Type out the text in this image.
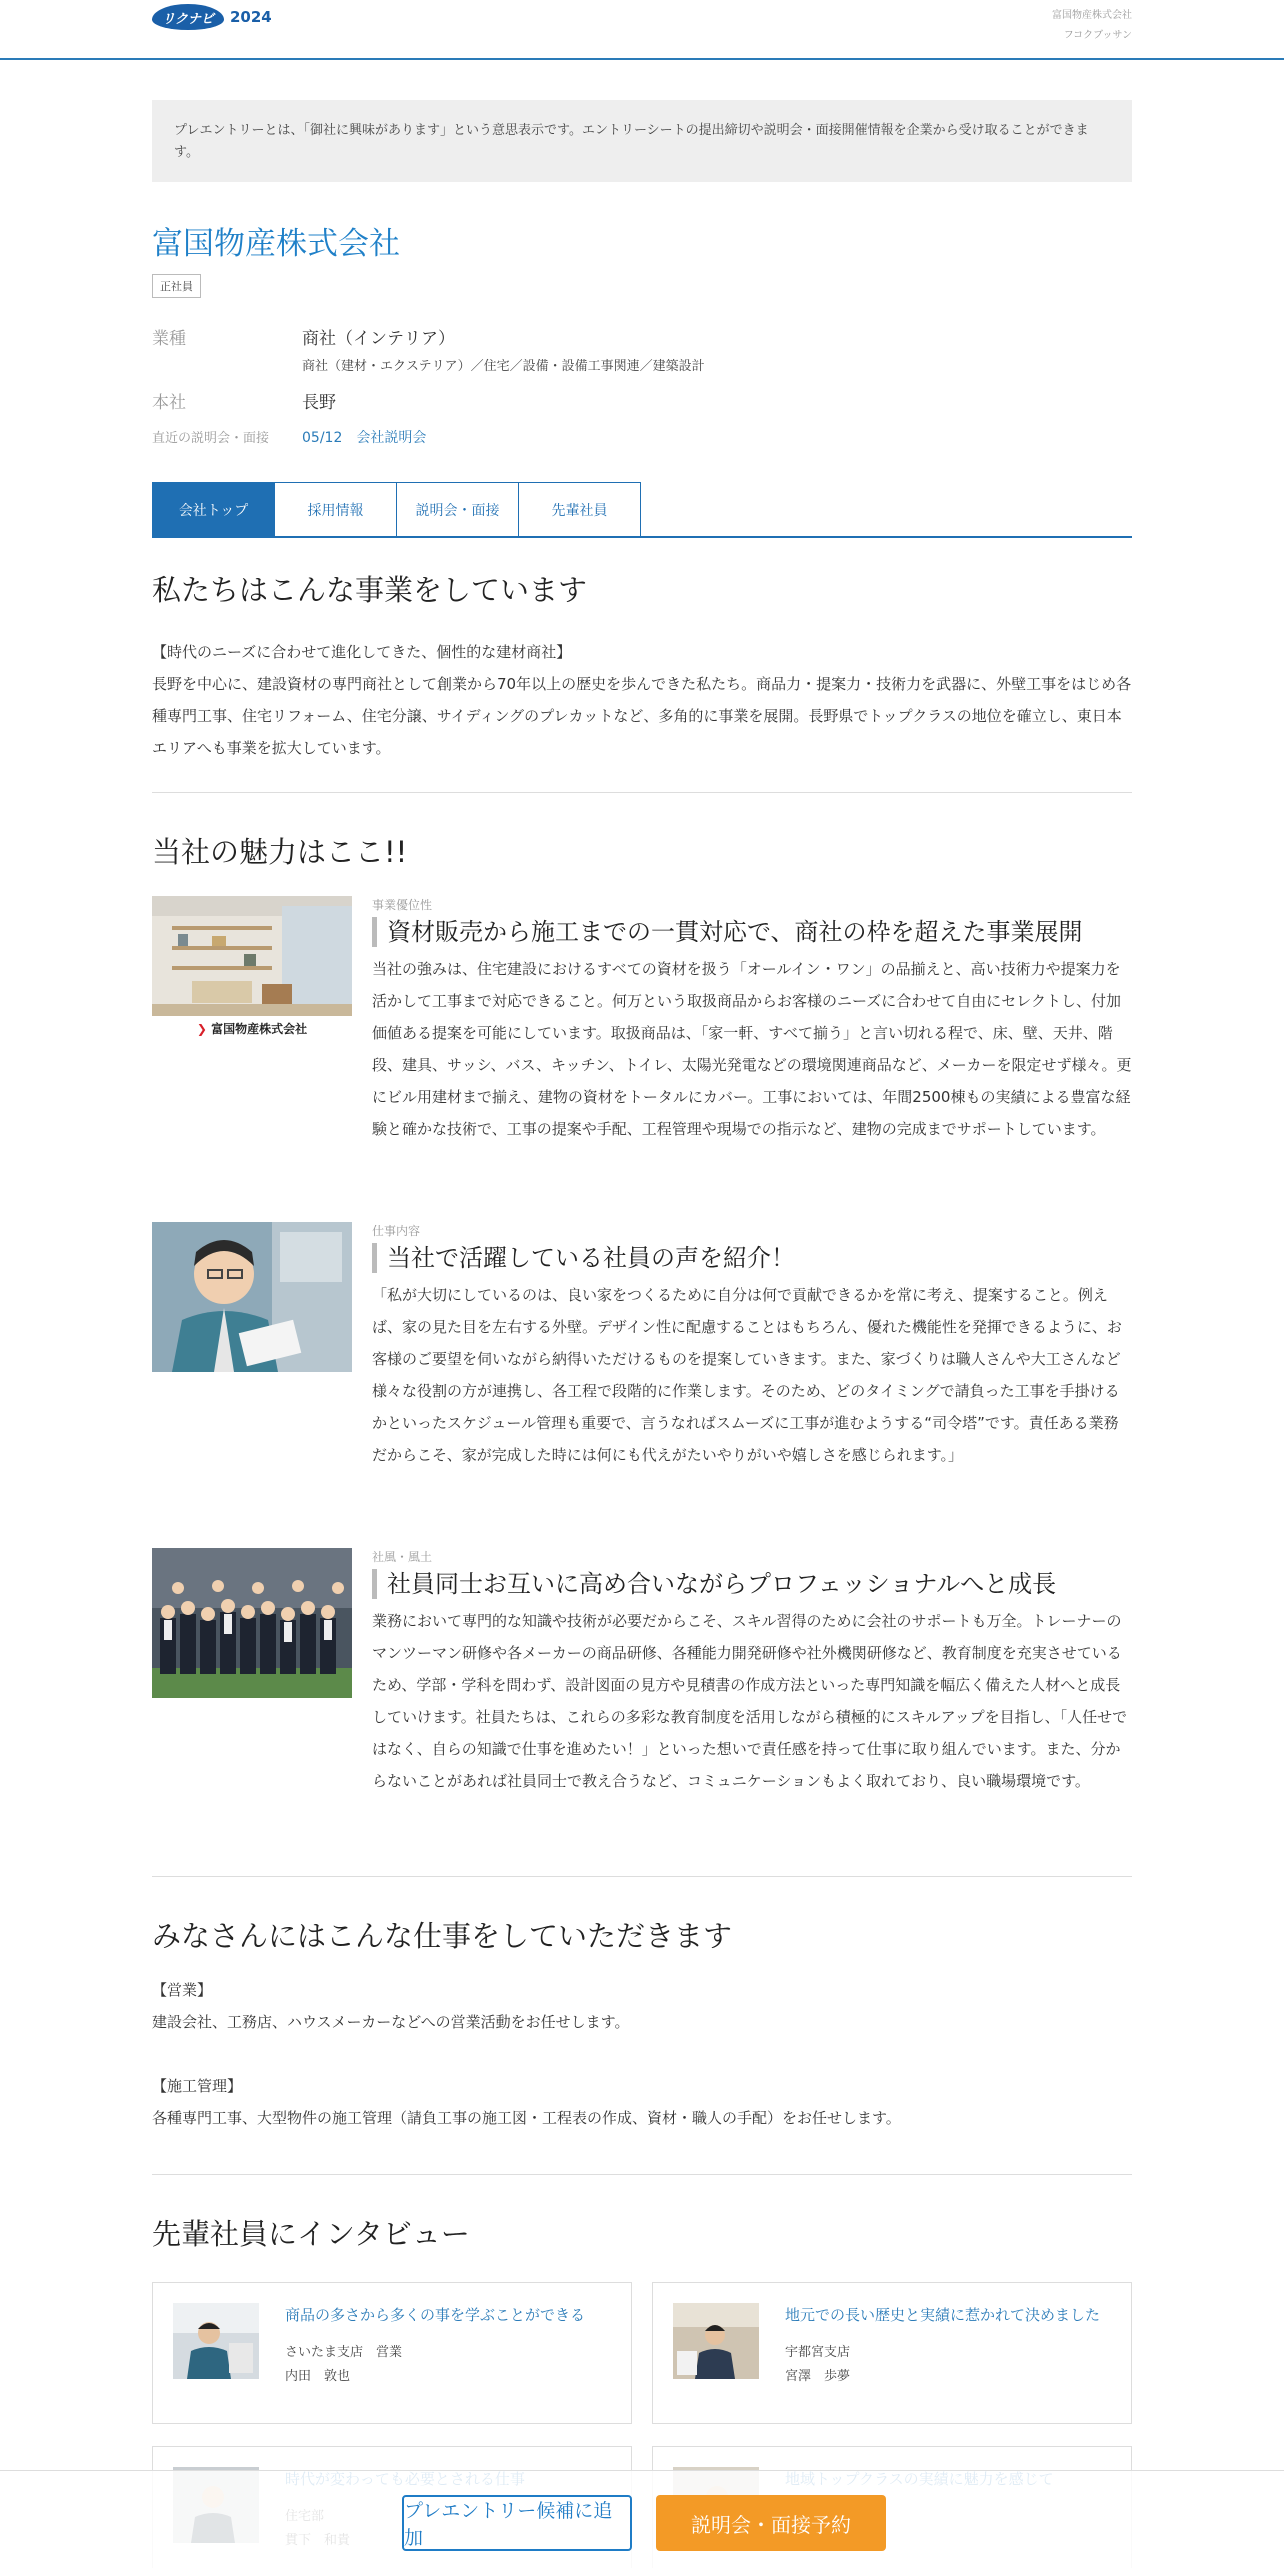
リクナビ	2024	富国物産株式会社
フコクブッサン
プレエントリーとは、「御社に興味があります」という意思表示です。エントリーシートの提出締切や説明会・面接開催情報を企業から受け取ることができます。
富国物産株式会社
正社員
業種	商社（インテリア）
商社（建材・エクステリア）／住宅／設備・設備工事関連／建築設計
本社	長野
直近の説明会・面接	05/12　会社説明会
会社トップ	採用情報	説明会・面接	先輩社員
私たちはこんな事業をしています
【時代のニーズに合わせて進化してきた、個性的な建材商社】
長野を中心に、建設資材の専門商社として創業から70年以上の歴史を歩んできた私たち。商品力・提案力・技術力を武器に、外壁工事をはじめ各種専門工事、住宅リフォーム、住宅分譲、サイディングのプレカットなど、多角的に事業を展開。長野県でトップクラスの地位を確立し、東日本エリアへも事業を拡大しています。
当社の魅力はここ!!
❯ 富国物産株式会社
事業優位性
資材販売から施工までの一貫対応で、商社の枠を超えた事業展開
当社の強みは、住宅建設におけるすべての資材を扱う「オールイン・ワン」の品揃えと、高い技術力や提案力を活かして工事まで対応できること。何万という取扱商品からお客様のニーズに合わせて自由にセレクトし、付加価値ある提案を可能にしています。取扱商品は、「家一軒、すべて揃う」と言い切れる程で、床、壁、天井、階段、建具、サッシ、バス、キッチン、トイレ、太陽光発電などの環境関連商品など、メーカーを限定せず様々。更にビル用建材まで揃え、建物の資材をトータルにカバー。工事においては、年間2500棟もの実績による豊富な経験と確かな技術で、工事の提案や手配、工程管理や現場での指示など、建物の完成までサポートしています。
仕事内容
当社で活躍している社員の声を紹介！
「私が大切にしているのは、良い家をつくるために自分は何で貢献できるかを常に考え、提案すること。例えば、家の見た目を左右する外壁。デザイン性に配慮することはもちろん、優れた機能性を発揮できるように、お客様のご要望を伺いながら納得いただけるものを提案していきます。また、家づくりは職人さんや大工さんなど様々な役割の方が連携し、各工程で段階的に作業します。そのため、どのタイミングで請負った工事を手掛けるかといったスケジュール管理も重要で、言うなればスムーズに工事が進むようする“司令塔”です。責任ある業務だからこそ、家が完成した時には何にも代えがたいやりがいや嬉しさを感じられます。」
社風・風土
社員同士お互いに高め合いながらプロフェッショナルへと成長
業務において専門的な知識や技術が必要だからこそ、スキル習得のために会社のサポートも万全。トレーナーのマンツーマン研修や各メーカーの商品研修、各種能力開発研修や社外機関研修など、教育制度を充実させているため、学部・学科を問わず、設計図面の見方や見積書の作成方法といった専門知識を幅広く備えた人材へと成長していけます。社員たちは、これらの多彩な教育制度を活用しながら積極的にスキルアップを目指し、「人任せではなく、自らの知識で仕事を進めたい！」といった想いで責任感を持って仕事に取り組んでいます。また、分からないことがあれば社員同士で教え合うなど、コミュニケーションもよく取れており、良い職場環境です。
みなさんにはこんな仕事をしていただきます
【営業】
建設会社、工務店、ハウスメーカーなどへの営業活動をお任せします。
【施工管理】
各種専門工事、大型物件の施工管理（請負工事の施工図・工程表の作成、資材・職人の手配）をお任せします。
先輩社員にインタビュー
商品の多さから多くの事を学ぶことができる
さいたま支店　営業
内田　敦也
地元での長い歴史と実績に惹かれて決めました
宇都宮支店
宮澤　歩夢
プレエントリー候補に追加
説明会・面接予約
